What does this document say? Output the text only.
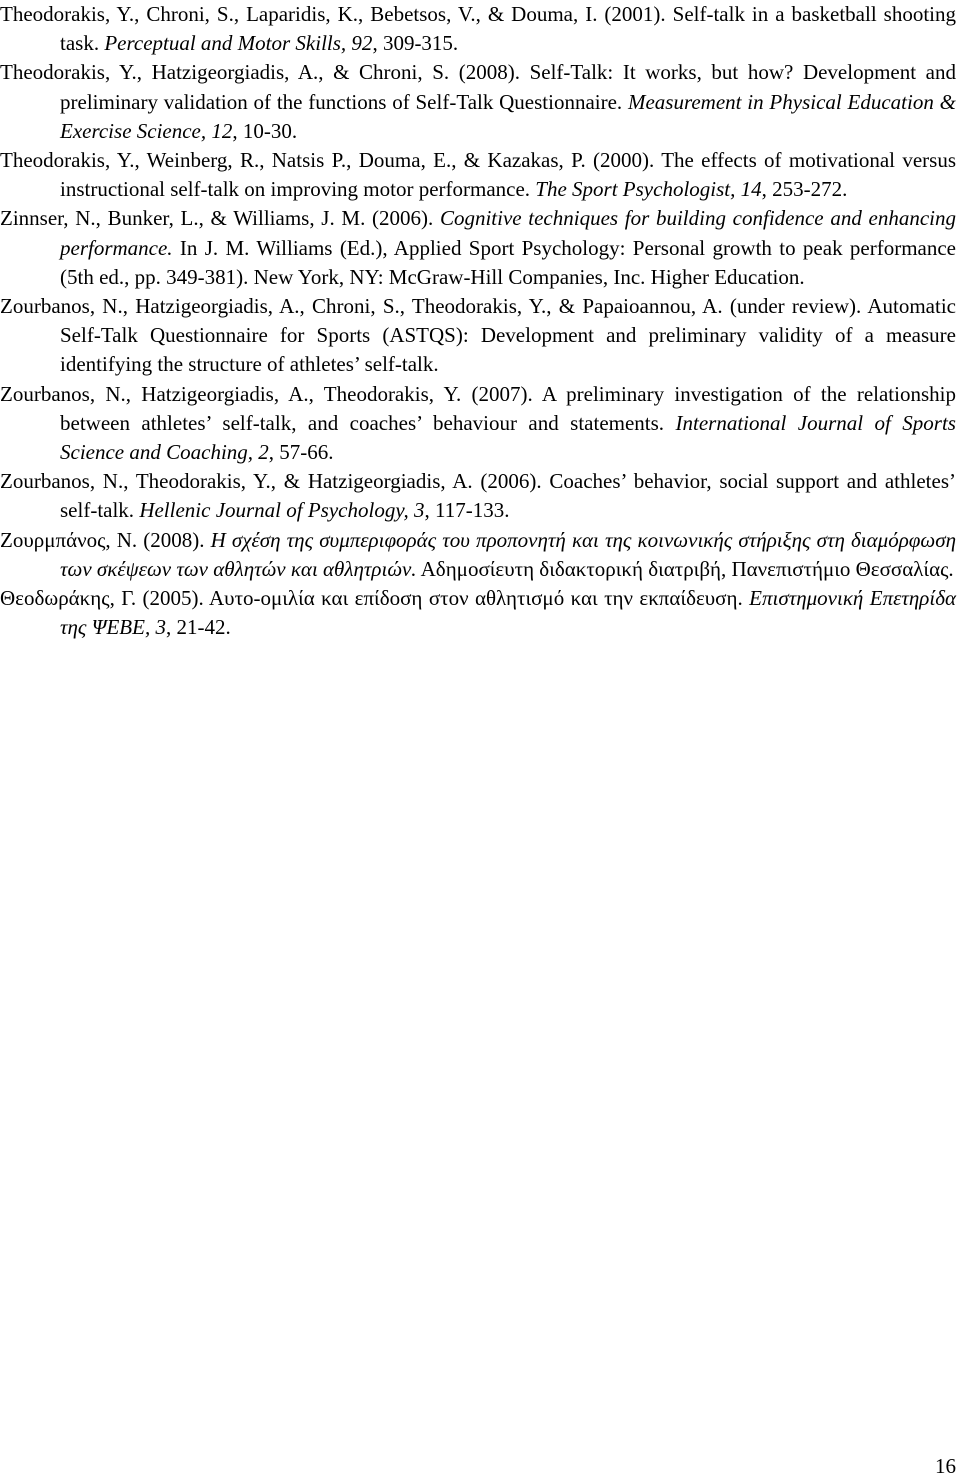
Theodorakis, Y., Chroni, S., Laparidis, K., Bebetsos, V., & Douma, I. (2001). Self-talk in a basketball shooting task. Perceptual and Motor Skills, 92, 309-315.

Theodorakis, Y., Hatzigeorgiadis, A., & Chroni, S. (2008). Self-Talk: It works, but how? Development and preliminary validation of the functions of Self-Talk Questionnaire. Measurement in Physical Education & Exercise Science, 12, 10-30.

Theodorakis, Y., Weinberg, R., Natsis P., Douma, E., & Kazakas, P. (2000). The effects of motivational versus instructional self-talk on improving motor performance. The Sport Psychologist, 14, 253-272.

Zinnser, N., Bunker, L., & Williams, J. M. (2006). Cognitive techniques for building confidence and enhancing performance. In J. M. Williams (Ed.), Applied Sport Psychology: Personal growth to peak performance (5th ed., pp. 349-381). New York, NY: McGraw-Hill Companies, Inc. Higher Education.

Zourbanos, N., Hatzigeorgiadis, A., Chroni, S., Theodorakis, Y., & Papaioannou, A. (under review). Automatic Self-Talk Questionnaire for Sports (ASTQS): Development and preliminary validity of a measure identifying the structure of athletes’ self-talk.

Zourbanos, N., Hatzigeorgiadis, A., Theodorakis, Y. (2007). A preliminary investigation of the relationship between athletes’ self-talk, and coaches’ behaviour and statements. International Journal of Sports Science and Coaching, 2, 57-66.

Zourbanos, N., Theodorakis, Y., & Hatzigeorgiadis, A. (2006). Coaches’ behavior, social support and athletes’ self-talk. Hellenic Journal of Psychology, 3, 117-133.

Ζουρμπάνος, Ν. (2008). Η σχέση της συμπεριφοράς του προπονητή και της κοινωνικής στήριξης στη διαμόρφωση των σκέψεων των αθλητών και αθλητριών. Αδημοσίευτη διδακτορική διατριβή, Πανεπιστήμιο Θεσσαλίας.

Θεοδωράκης, Γ. (2005). Αυτο-ομιλία και επίδοση στον αθλητισμό και την εκπαίδευση. Επιστημονική Επετηρίδα της ΨΕΒΕ, 3, 21-42.

16
